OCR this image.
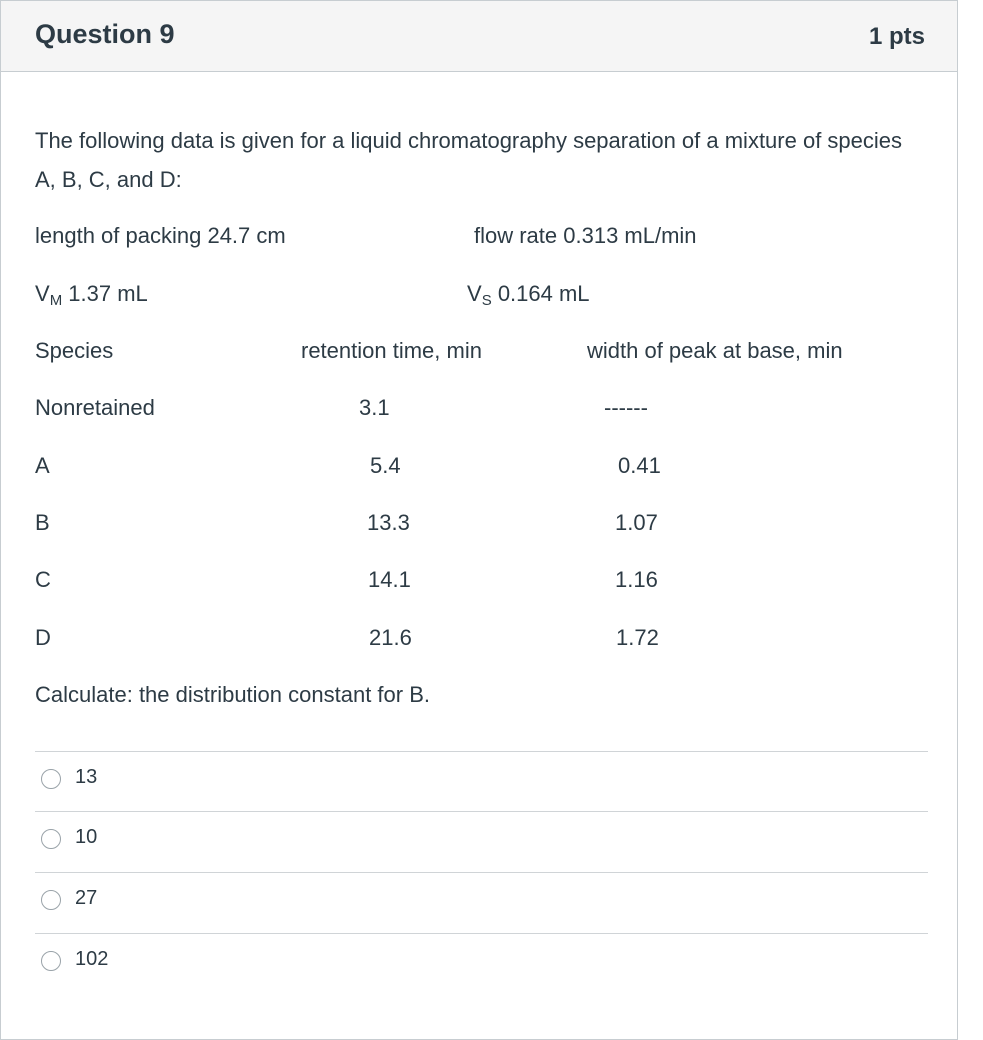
Question 9	1 pts
The following data is given for a liquid chromatography separation of a mixture of species A, B, C, and D:
length of packing 24.7 cm	flow rate 0.313 mL/min
VM 1.37 mL	VS 0.164 mL
Species	retention time, min	width of peak at base, min
Nonretained	3.1	------
A	5.4	0.41
B	13.3	1.07
C	14.1	1.16
D	21.6	1.72
Calculate: the distribution constant for B.
13
10
27
102
